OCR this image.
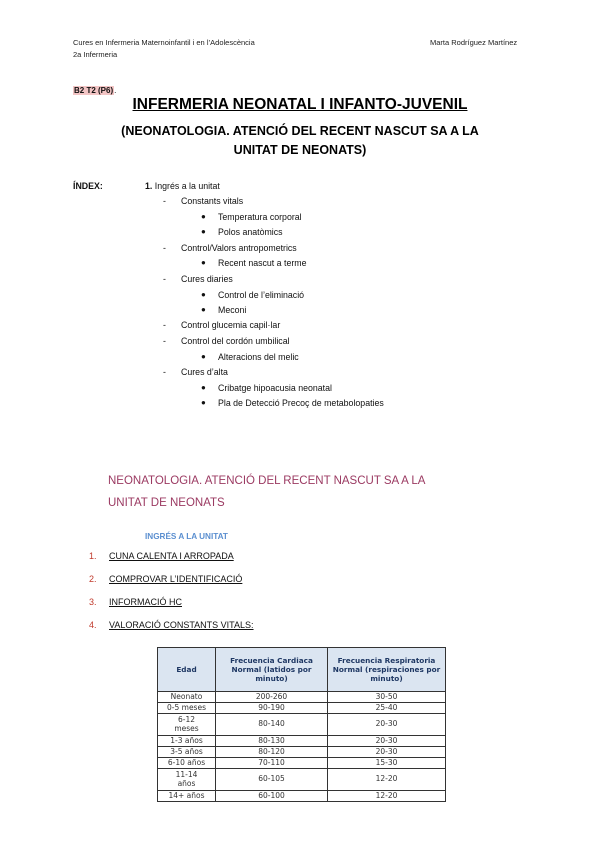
Cures en Infermeria Maternoinfantil i en l’Adolescència
2a Infermeria
Marta Rodríguez Martínez
B2 T2 (P6).
INFERMERIA NEONATAL I INFANTO-JUVENIL
(NEONATOLOGIA. ATENCIÓ DEL RECENT NASCUT SA A LA
UNITAT DE NEONATS)
ÍNDEX:	1. Ingrés a la unitat
- Constants vitals
● Temperatura corporal
● Polos anatòmics
- Control/Valors antropometrics
● Recent nascut a terme
- Cures diaries
● Control de l’eliminació
● Meconi
- Control glucemia capil·lar
- Control del cordón umbilical
● Alteracions del melic
- Cures d’alta
● Cribatge hipoacusia neonatal
● Pla de Detecció Precoç de metabolopaties
NEONATOLOGIA. ATENCIÓ DEL RECENT NASCUT SA A LA
UNITAT DE NEONATS
INGRÉS A LA UNITAT
1. CUNA CALENTA I ARROPADA
2. COMPROVAR L’IDENTIFICACIÓ
3. INFORMACIÓ HC
4. VALORACIÓ CONSTANTS VITALS:
Edad	Frecuencia Cardiaca Normal (latidos por minuto)	Frecuencia Respiratoria Normal (respiraciones por minuto)
Neonato	200-260	30-50
0-5 meses	90-190	25-40
6-12 meses	80-140	20-30
1-3 años	80-130	20-30
3-5 años	80-120	20-30
6-10 años	70-110	15-30
11-14 años	60-105	12-20
14+ años	60-100	12-20
